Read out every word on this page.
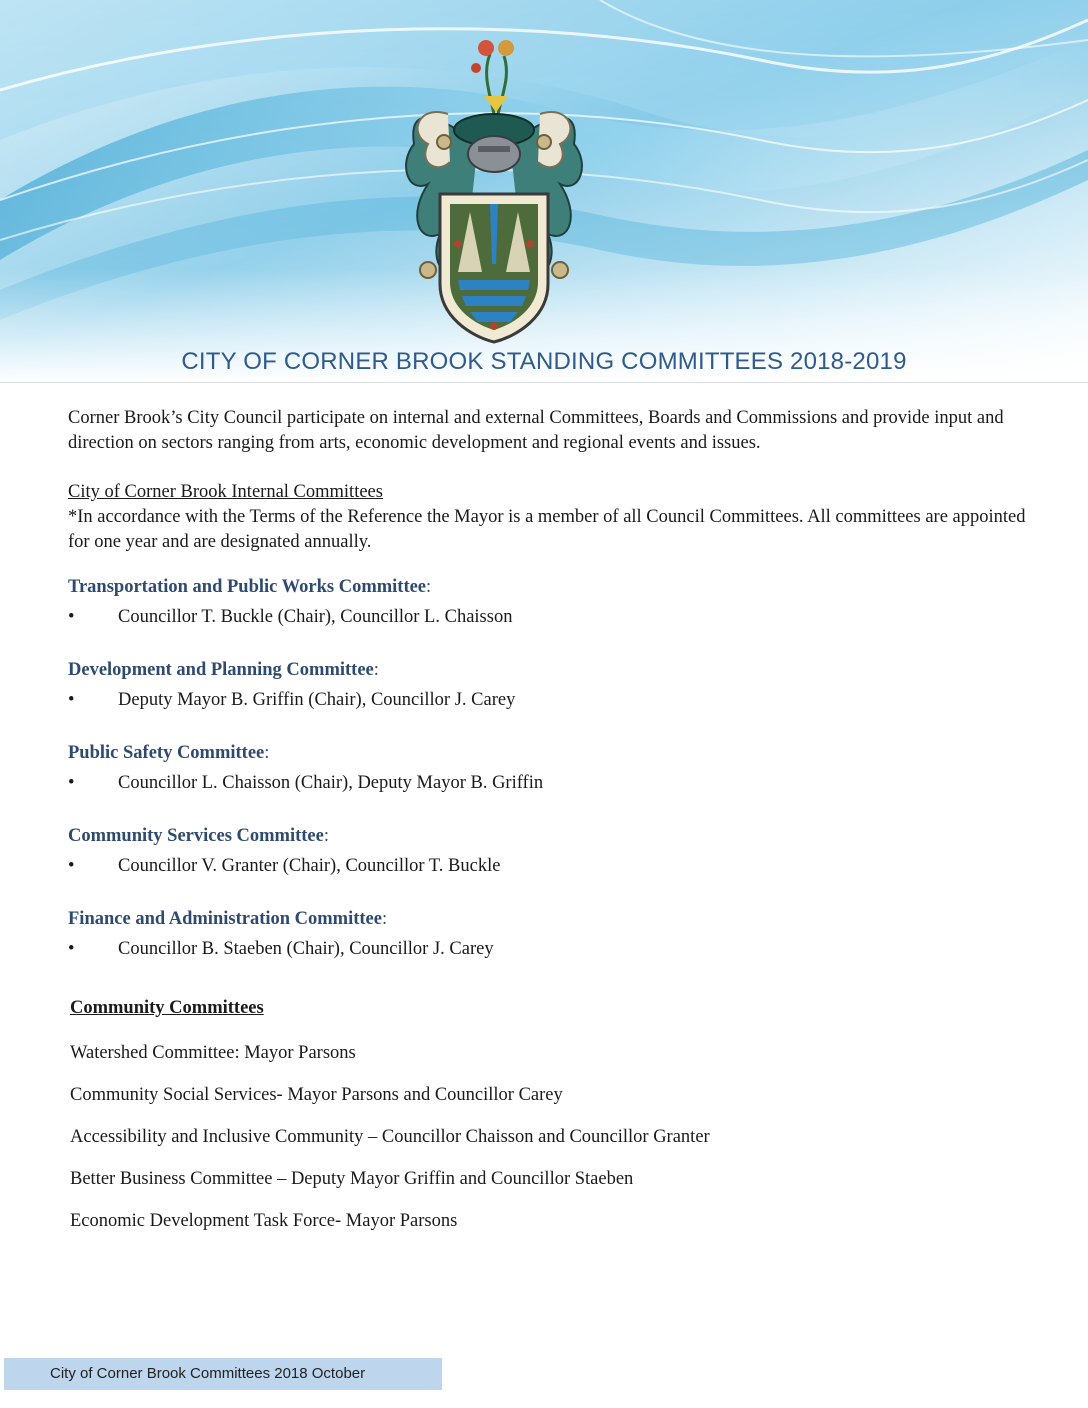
CITY OF CORNER BROOK STANDING COMMITTEES 2018-2019

Corner Brook’s City Council participate on internal and external Committees, Boards and Commissions and provide input and direction on sectors ranging from arts, economic development and regional events and issues.

City of Corner Brook Internal Committees

*In accordance with the Terms of the Reference the Mayor is a member of all Council Committees. All committees are appointed for one year and are designated annually.

Transportation and Public Works Committee:

•	Councillor T. Buckle (Chair), Councillor L. Chaisson

Development and Planning Committee:

•	Deputy Mayor B. Griffin (Chair), Councillor J. Carey

Public Safety Committee:

•	Councillor L. Chaisson (Chair), Deputy Mayor B. Griffin

Community Services Committee:

•	Councillor V. Granter (Chair), Councillor T. Buckle

Finance and Administration Committee:

•	Councillor B. Staeben (Chair), Councillor J. Carey

Community Committees

Watershed Committee: Mayor Parsons

Community Social Services- Mayor Parsons and Councillor Carey

Accessibility and Inclusive Community – Councillor Chaisson and Councillor Granter

Better Business Committee – Deputy Mayor Griffin and Councillor Staeben

Economic Development Task Force- Mayor Parsons

City of Corner Brook Committees 2018 October
